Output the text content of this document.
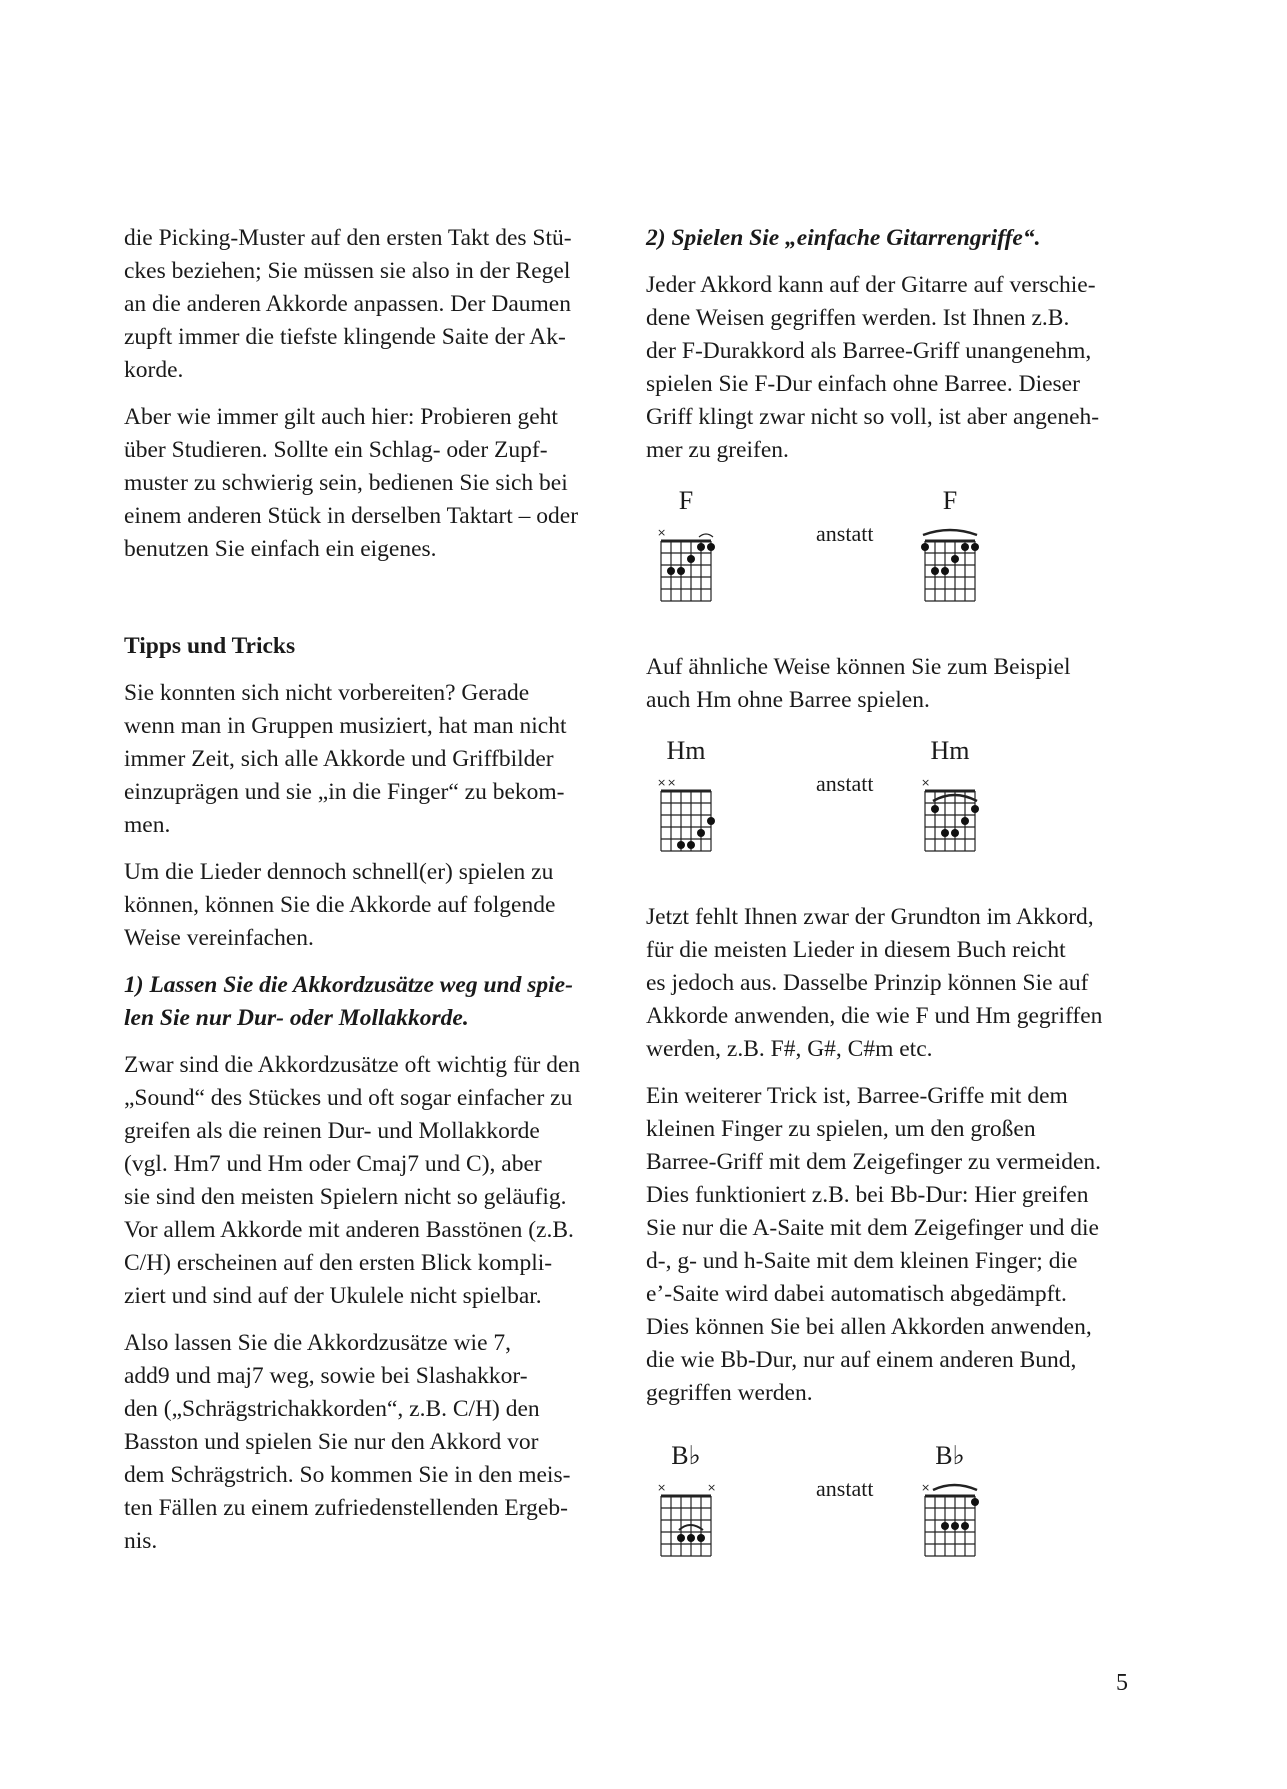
die Picking-Muster auf den ersten Takt des Stü-
ckes beziehen; Sie müssen sie also in der Regel
an die anderen Akkorde anpassen. Der Daumen
zupft immer die tiefste klingende Saite der Ak-
korde.

Aber wie immer gilt auch hier: Probieren geht
über Studieren. Sollte ein Schlag- oder Zupf-
muster zu schwierig sein, bedienen Sie sich bei
einem anderen Stück in derselben Taktart – oder
benutzen Sie einfach ein eigenes.

Tipps und Tricks

Sie konnten sich nicht vorbereiten? Gerade
wenn man in Gruppen musiziert, hat man nicht
immer Zeit, sich alle Akkorde und Griffbilder
einzuprägen und sie „in die Finger“ zu bekom-
men.

Um die Lieder dennoch schnell(er) spielen zu
können, können Sie die Akkorde auf folgende
Weise vereinfachen.

1) Lassen Sie die Akkordzusätze weg und spie-
len Sie nur Dur- oder Mollakkorde.

Zwar sind die Akkordzusätze oft wichtig für den
„Sound“ des Stückes und oft sogar einfacher zu
greifen als die reinen Dur- und Mollakkorde
(vgl. Hm7 und Hm oder Cmaj7 und C), aber
sie sind den meisten Spielern nicht so geläufig.
Vor allem Akkorde mit anderen Basstönen (z.B.
C/H) erscheinen auf den ersten Blick kompli-
ziert und sind auf der Ukulele nicht spielbar.

Also lassen Sie die Akkordzusätze wie 7,
add9 und maj7 weg, sowie bei Slashakkor-
den („Schrägstrichakkorden“, z.B. C/H) den
Basston und spielen Sie nur den Akkord vor
dem Schrägstrich. So kommen Sie in den meis-
ten Fällen zu einem zufriedenstellenden Ergeb-
nis.

2) Spielen Sie „einfache Gitarrengriffe“.

Jeder Akkord kann auf der Gitarre auf verschie-
dene Weisen gegriffen werden. Ist Ihnen z.B.
der F-Durakkord als Barree-Griff unangenehm,
spielen Sie F-Dur einfach ohne Barree. Dieser
Griff klingt zwar nicht so voll, ist aber angeneh-
mer zu greifen.

F
×	anstatt
F

Auf ähnliche Weise können Sie zum Beispiel
auch Hm ohne Barree spielen.

Hm
× ×	anstatt
Hm
×

Jetzt fehlt Ihnen zwar der Grundton im Akkord,
für die meisten Lieder in diesem Buch reicht
es jedoch aus. Dasselbe Prinzip können Sie auf
Akkorde anwenden, die wie F und Hm gegriffen
werden, z.B. F#, G#, C#m etc.

Ein weiterer Trick ist, Barree-Griffe mit dem
kleinen Finger zu spielen, um den großen
Barree-Griff mit dem Zeigefinger zu vermeiden.
Dies funktioniert z.B. bei Bb-Dur: Hier greifen
Sie nur die A-Saite mit dem Zeigefinger und die
d-, g- und h-Saite mit dem kleinen Finger; die
e’-Saite wird dabei automatisch abgedämpft.
Dies können Sie bei allen Akkorden anwenden,
die wie Bb-Dur, nur auf einem anderen Bund,
gegriffen werden.

B♭
×	×	anstatt
B♭
×
5
